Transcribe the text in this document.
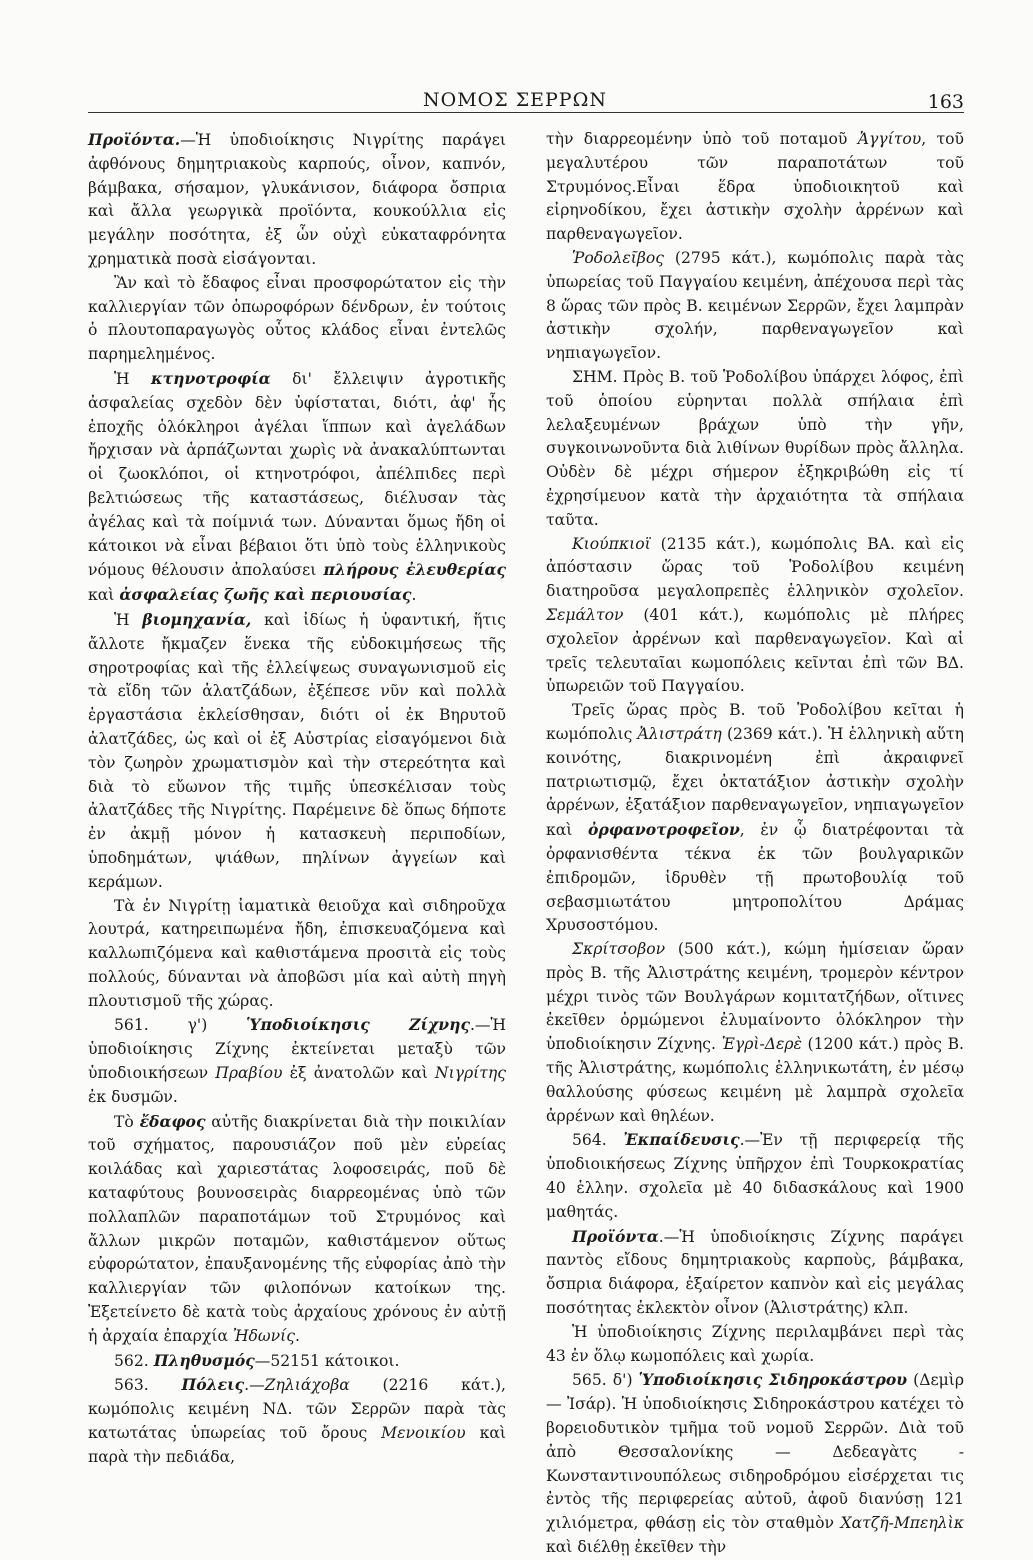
ΝΟΜΟΣ ΣΕΡΡΩΝ	163

Προϊόντα.—Ἡ ὑποδιοίκησις Νιγρίτης παράγει ἀφθόνους δημητριακοὺς καρπούς, οἶνον, καπνόν, βάμβακα, σήσαμον, γλυκάνισον, διάφορα ὄσπρια καὶ ἄλλα γεωργικὰ προϊόντα, κουκούλλια εἰς μεγάλην ποσότητα, ἐξ ὧν οὐχὶ εὐκαταφρόνητα χρηματικὰ ποσὰ εἰσάγονται.

Ἂν καὶ τὸ ἔδαφος εἶναι προσφορώτατον εἰς τὴν καλλιεργίαν τῶν ὀπωροφόρων δένδρων, ἐν τούτοις ὁ πλουτοπαραγωγὸς οὗτος κλάδος εἶναι ἐντελῶς παρημελημένος.

Ἡ κτηνοτροφία δι' ἔλλειψιν ἀγροτικῆς ἀσφαλείας σχεδὸν δὲν ὑφίσταται, διότι, ἀφ' ἧς ἐποχῆς ὁλόκληροι ἀγέλαι ἵππων καὶ ἀγελάδων ἤρχισαν νὰ ἁρπάζωνται χωρὶς νὰ ἀνακαλύπτωνται οἱ ζωοκλόποι, οἱ κτηνοτρόφοι, ἀπέλπιδες περὶ βελτιώσεως τῆς καταστάσεως, διέλυσαν τὰς ἀγέλας καὶ τὰ ποίμνιά των. Δύνανται ὅμως ἤδη οἱ κάτοικοι νὰ εἶναι βέβαιοι ὅτι ὑπὸ τοὺς ἑλληνικοὺς νόμους θέλουσιν ἀπολαύσει πλήρους ἐλευθερίας καὶ ἀσφαλείας ζωῆς καὶ περιουσίας.

Ἡ βιομηχανία, καὶ ἰδίως ἡ ὑφαντική, ἥτις ἄλλοτε ἤκμαζεν ἕνεκα τῆς εὐδοκιμήσεως τῆς σηροτροφίας καὶ τῆς ἐλλείψεως συναγωνισμοῦ εἰς τὰ εἴδη τῶν ἀλατζάδων, ἐξέπεσε νῦν καὶ πολλὰ ἐργαστάσια ἐκλείσθησαν, διότι οἱ ἐκ Βηρυτοῦ ἀλατζάδες, ὡς καὶ οἱ ἐξ Αὐστρίας εἰσαγόμενοι διὰ τὸν ζωηρὸν χρωματισμὸν καὶ τὴν στερεότητα καὶ διὰ τὸ εὔωνον τῆς τιμῆς ὑπεσκέλισαν τοὺς ἀλατζάδες τῆς Νιγρίτης. Παρέμεινε δὲ ὅπως δήποτε ἐν ἀκμῇ μόνον ἡ κατασκευὴ περιποδίων, ὑποδημάτων, ψιάθων, πηλίνων ἀγγείων καὶ κεράμων.

Τὰ ἐν Νιγρίτῃ ἰαματικὰ θειοῦχα καὶ σιδηροῦχα λουτρά, κατηρειπωμένα ἤδη, ἐπισκευαζόμενα καὶ καλλωπιζόμενα καὶ καθιστάμενα προσιτὰ εἰς τοὺς πολλούς, δύνανται νὰ ἀποβῶσι μία καὶ αὐτὴ πηγὴ πλουτισμοῦ τῆς χώρας.

561. γ') Ὑποδιοίκησις Ζίχνης.—Ἡ ὑποδιοίκησις Ζίχνης ἐκτείνεται μεταξὺ τῶν ὑποδιοικήσεων Πραβίου ἐξ ἀνατολῶν καὶ Νιγρίτης ἐκ δυσμῶν.

Τὸ ἔδαφος αὐτῆς διακρίνεται διὰ τὴν ποικιλίαν τοῦ σχήματος, παρουσιάζον ποῦ μὲν εὐρείας κοιλάδας καὶ χαριεστάτας λοφοσειράς, ποῦ δὲ καταφύτους βουνοσειρὰς διαρρεομένας ὑπὸ τῶν πολλαπλῶν παραποτάμων τοῦ Στρυμόνος καὶ ἄλλων μικρῶν ποταμῶν, καθιστάμενον οὕτως εὐφορώτατον, ἐπαυξανομένης τῆς εὐφορίας ἀπὸ τὴν καλλιεργίαν τῶν φιλοπόνων κατοίκων της. Ἐξετείνετο δὲ κατὰ τοὺς ἀρχαίους χρόνους ἐν αὐτῇ ἡ ἀρχαία ἐπαρχία Ἠδωνίς.

562. Πληθυσμός—52151 κάτοικοι.

563. Πόλεις.—Ζηλιάχοβα (2216 κάτ.), κωμόπολις κειμένη ΝΔ. τῶν Σερρῶν παρὰ τὰς κατωτάτας ὑπωρείας τοῦ ὄρους Μενοικίου καὶ παρὰ τὴν πεδιάδα,

τὴν διαρρεομένην ὑπὸ τοῦ ποταμοῦ Ἀγγίτου, τοῦ μεγαλυτέρου τῶν παραποτάτων τοῦ Στρυμόνος.Εἶναι ἕδρα ὑποδιοικητοῦ καὶ εἰρηνοδίκου, ἔχει ἀστικὴν σχολὴν ἀρρένων καὶ παρθεναγωγεῖον.

Ῥοδολεῖβος (2795 κάτ.), κωμόπολις παρὰ τὰς ὑπωρείας τοῦ Παγγαίου κειμένη, ἀπέχουσα περὶ τὰς 8 ὥρας τῶν πρὸς Β. κειμένων Σερρῶν, ἔχει λαμπρὰν ἀστικὴν σχολήν, παρθεναγωγεῖον καὶ νηπιαγωγεῖον.

ΣΗΜ. Πρὸς Β. τοῦ Ῥοδολίβου ὑπάρχει λόφος, ἐπὶ τοῦ ὁποίου εὑρηνται πολλὰ σπήλαια ἐπὶ λελαξευμένων βράχων ὑπὸ τὴν γῆν, συγκοινωνοῦντα διὰ λιθίνων θυρίδων πρὸς ἄλληλα. Οὐδὲν δὲ μέχρι σήμερον ἐξηκριβώθη εἰς τί ἐχρησίμευον κατὰ τὴν ἀρχαιότητα τὰ σπήλαια ταῦτα.

Κιούπκιοϊ (2135 κάτ.), κωμόπολις ΒΑ. καὶ εἰς ἀπόστασιν ὥρας τοῦ Ῥοδολίβου κειμένη διατηροῦσα μεγαλοπρεπὲς ἑλληνικὸν σχολεῖον. Σεμάλτον (401 κάτ.), κωμόπολις μὲ πλήρες σχολεῖον ἀρρένων καὶ παρθεναγωγεῖον. Καὶ αἱ τρεῖς τελευταῖαι κωμοπόλεις κεῖνται ἐπὶ τῶν ΒΔ. ὑπωρειῶν τοῦ Παγγαίου.

Τρεῖς ὥρας πρὸς Β. τοῦ Ῥοδολίβου κεῖται ἡ κωμόπολις Ἀλιστράτη (2369 κάτ.). Ἡ ἑλληνικὴ αὕτη κοινότης, διακρινομένη ἐπὶ ἀκραιφνεῖ πατριωτισμῷ, ἔχει ὀκτατάξιον ἀστικὴν σχολὴν ἀρρένων, ἐξατάξιον παρθεναγωγεῖον, νηπιαγωγεῖον καὶ ὀρφανοτροφεῖον, ἐν ᾧ διατρέφονται τὰ ὀρφανισθέντα τέκνα ἐκ τῶν βουλγαρικῶν ἐπιδρομῶν, ἱδρυθὲν τῇ πρωτοβουλίᾳ τοῦ σεβασμιωτάτου μητροπολίτου Δράμας Χρυσοστόμου.

Σκρίτσοβον (500 κάτ.), κώμη ἡμίσειαν ὥραν πρὸς Β. τῆς Ἀλιστράτης κειμένη, τρομερὸν κέντρον μέχρι τινὸς τῶν Βουλγάρων κομιτατζήδων, οἵτινες ἐκεῖθεν ὁρμώμενοι ἐλυμαίνοντο ὁλόκληρον τὴν ὑποδιοίκησιν Ζίχνης. Ἐγρὶ-Δερὲ (1200 κάτ.) πρὸς Β. τῆς Ἀλιστράτης, κωμόπολις ἑλληνικωτάτη, ἐν μέσῳ θαλλούσης φύσεως κειμένη μὲ λαμπρὰ σχολεῖα ἀρρένων καὶ θηλέων.

564. Ἐκπαίδευσις.—Ἐν τῇ περιφερείᾳ τῆς ὑποδιοικήσεως Ζίχνης ὑπῆρχον ἐπὶ Τουρκοκρατίας 40 ἑλλην. σχολεῖα μὲ 40 διδασκάλους καὶ 1900 μαθητάς.

Προϊόντα.—Ἡ ὑποδιοίκησις Ζίχνης παράγει παντὸς εἴδους δημητριακοὺς καρποὺς, βάμβακα, ὄσπρια διάφορα, ἐξαίρετον καπνὸν καὶ εἰς μεγάλας ποσότητας ἐκλεκτὸν οἶνον (Ἀλιστράτης) κλπ.

Ἡ ὑποδιοίκησις Ζίχνης περιλαμβάνει περὶ τὰς 43 ἐν ὅλῳ κωμοπόλεις καὶ χωρία.

565. δ') Ὑποδιοίκησις Σιδηροκάστρου (Δεμὶρ — Ἰσάρ). Ἡ ὑποδιοίκησις Σιδηροκάστρου κατέχει τὸ βορειοδυτικὸν τμῆμα τοῦ νομοῦ Σερρῶν. Διὰ τοῦ ἀπὸ Θεσσαλονίκης — Δεδεαγὰτς - Κωνσταντινουπόλεως σιδηροδρόμου εἰσέρχεται τις ἐντὸς τῆς περιφερείας αὐτοῦ, ἀφοῦ διανύσῃ 121 χιλιόμετρα, φθάσῃ εἰς τὸν σταθμὸν Χατζῆ-Μπεηλὶκ καὶ διέλθῃ ἐκεῖθεν τὴν
